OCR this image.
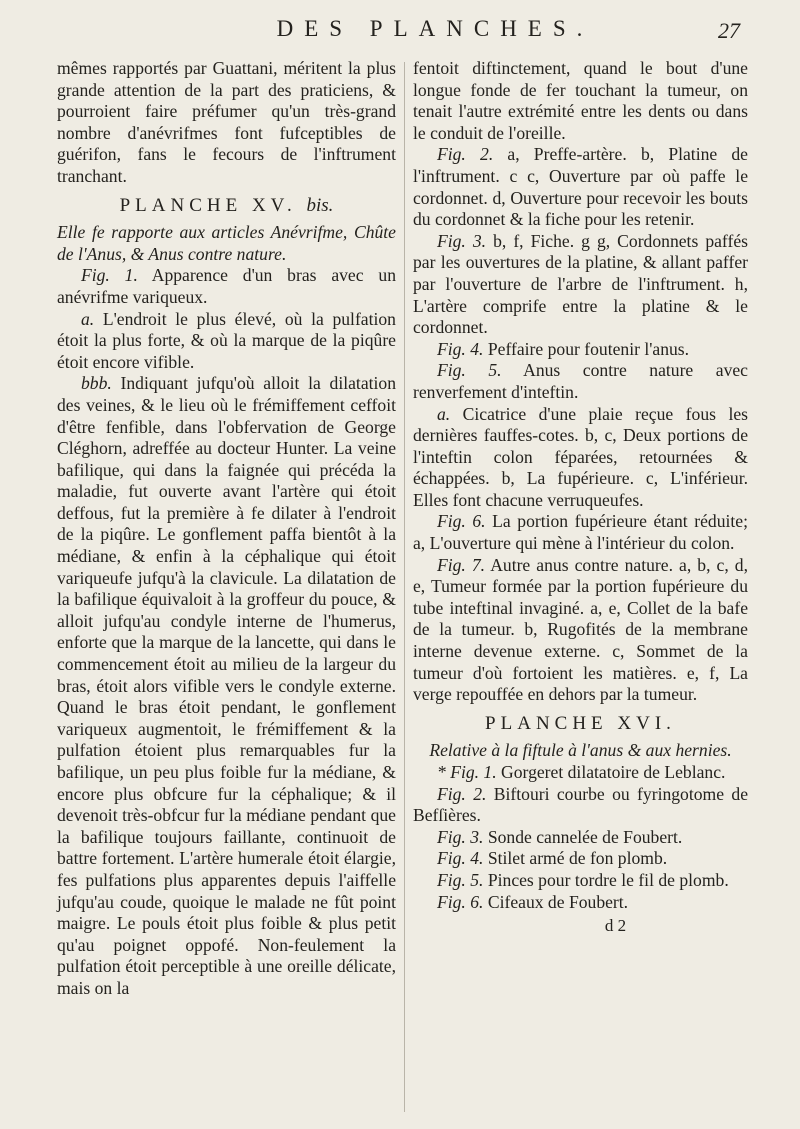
DES PLANCHES.	27

mêmes rapportés par Guattani, méritent la plus grande attention de la part des praticiens, & pourroient faire préfumer qu'un très-grand nombre d'anévrifmes font fufceptibles de guérifon, fans le fecours de l'inftrument tranchant.

PLANCHE XV. bis.

Elle fe rapporte aux articles Anévrifme, Chûte de l'Anus, & Anus contre nature.

Fig. 1. Apparence d'un bras avec un anévrifme variqueux.

a. L'endroit le plus élevé, où la pulfation étoit la plus forte, & où la marque de la piqûre étoit encore vifible.

bbb. Indiquant jufqu'où alloit la dilatation des veines, & le lieu où le frémiffement ceffoit d'être fenfible, dans l'obfervation de George Cléghorn, adreffée au docteur Hunter. La veine bafilique, qui dans la faignée qui précéda la maladie, fut ouverte avant l'artère qui étoit deffous, fut la première à fe dilater à l'endroit de la piqûre. Le gonflement paffa bientôt à la médiane, & enfin à la céphalique qui étoit variqueufe jufqu'à la clavicule. La dilatation de la bafilique équivaloit à la groffeur du pouce, & alloit jufqu'au condyle interne de l'humerus, enforte que la marque de la lancette, qui dans le commencement étoit au milieu de la largeur du bras, étoit alors vifible vers le condyle externe. Quand le bras étoit pendant, le gonflement variqueux augmentoit, le frémiffement & la pulfation étoient plus remarquables fur la bafilique, un peu plus foible fur la médiane, & encore plus obfcure fur la céphalique; & il devenoit très-obfcur fur la médiane pendant que la bafilique toujours faillante, continuoit de battre fortement. L'artère humerale étoit élargie, fes pulfations plus apparentes depuis l'aiffelle jufqu'au coude, quoique le malade ne fût point maigre. Le pouls étoit plus foible & plus petit qu'au poignet oppofé. Non-feulement la pulfation étoit perceptible à une oreille délicate, mais on la

fentoit diftinctement, quand le bout d'une longue fonde de fer touchant la tumeur, on tenait l'autre extrémité entre les dents ou dans le conduit de l'oreille.

Fig. 2. a, Preffe-artère. b, Platine de l'inftrument. c c, Ouverture par où paffe le cordonnet. d, Ouverture pour recevoir les bouts du cordonnet & la fiche pour les retenir.

Fig. 3. b, f, Fiche. g g, Cordonnets paffés par les ouvertures de la platine, & allant paffer par l'ouverture de l'arbre de l'inftrument. h, L'artère comprife entre la platine & le cordonnet.

Fig. 4. Peffaire pour foutenir l'anus.

Fig. 5. Anus contre nature avec renverfement d'inteftin.

a. Cicatrice d'une plaie reçue fous les dernières fauffes-cotes. b, c, Deux portions de l'inteftin colon féparées, retournées & échappées. b, La fupérieure. c, L'inférieur. Elles font chacune verruqueufes.

Fig. 6. La portion fupérieure étant réduite; a, L'ouverture qui mène à l'intérieur du colon.

Fig. 7. Autre anus contre nature. a, b, c, d, e, Tumeur formée par la portion fupérieure du tube inteftinal invaginé. a, e, Collet de la bafe de la tumeur. b, Rugofités de la membrane interne devenue externe. c, Sommet de la tumeur d'où fortoient les matières. e, f, La verge repouffée en dehors par la tumeur.

PLANCHE XVI.

Relative à la fiftule à l'anus & aux hernies.

* Fig. 1. Gorgeret dilatatoire de Leblanc.

Fig. 2. Biftouri courbe ou fyringotome de Befſières.

Fig. 3. Sonde cannelée de Foubert.

Fig. 4. Stilet armé de fon plomb.

Fig. 5. Pinces pour tordre le fil de plomb.

Fig. 6. Cifeaux de Foubert.

d 2
